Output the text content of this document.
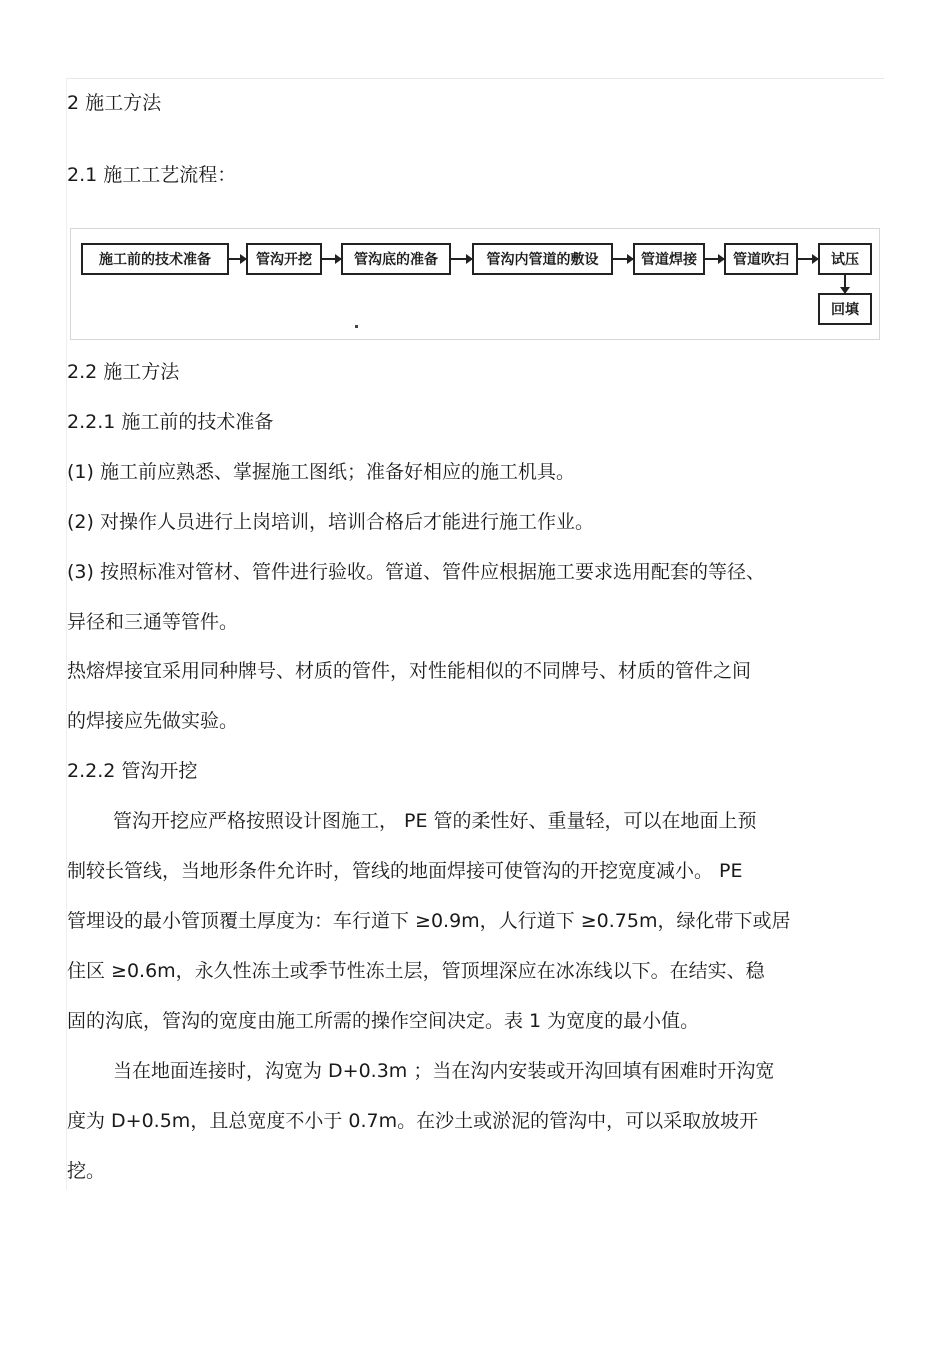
2 施工方法
2.1 施工工艺流程：
施工前的技术准备	管沟开挖	管沟底的准备	管沟内管道的敷设	管道焊接	管道吹扫	试压
回填
2.2 施工方法
2.2.1 施工前的技术准备
(1) 施工前应熟悉、掌握施工图纸；准备好相应的施工机具。
(2) 对操作人员进行上岗培训，培训合格后才能进行施工作业。
(3) 按照标准对管材、管件进行验收。管道、管件应根据施工要求选用配套的等径、
异径和三通等管件。
热熔焊接宜采用同种牌号、材质的管件，对性能相似的不同牌号、材质的管件之间
的焊接应先做实验。
2.2.2 管沟开挖
管沟开挖应严格按照设计图施工， PE 管的柔性好、重量轻，可以在地面上预
制较长管线，当地形条件允许时，管线的地面焊接可使管沟的开挖宽度减小。 PE
管埋设的最小管顶覆土厚度为：车行道下 ≥0.9m，人行道下 ≥0.75m，绿化带下或居
住区 ≥0.6m，永久性冻土或季节性冻土层，管顶埋深应在冰冻线以下。在结实、稳
固的沟底，管沟的宽度由施工所需的操作空间决定。表 1 为宽度的最小值。
当在地面连接时，沟宽为 D+0.3m ；当在沟内安装或开沟回填有困难时开沟宽
度为 D+0.5m，且总宽度不小于 0.7m。在沙土或淤泥的管沟中，可以采取放坡开
挖。
